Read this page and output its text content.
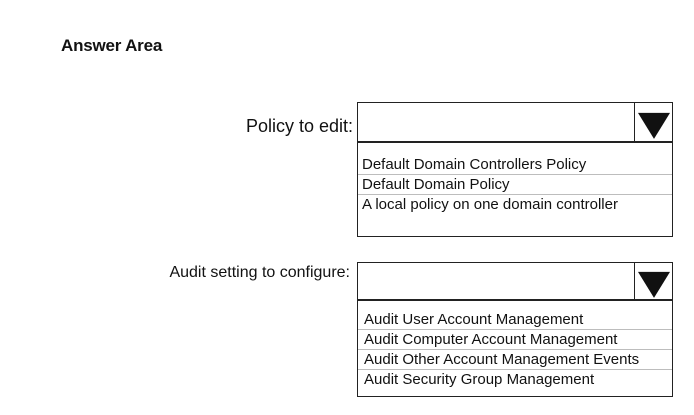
Answer Area
Policy to edit:
Default Domain Controllers Policy
Default Domain Policy
A local policy on one domain controller
Audit setting to configure:
Audit User Account Management
Audit Computer Account Management
Audit Other Account Management Events
Audit Security Group Management
